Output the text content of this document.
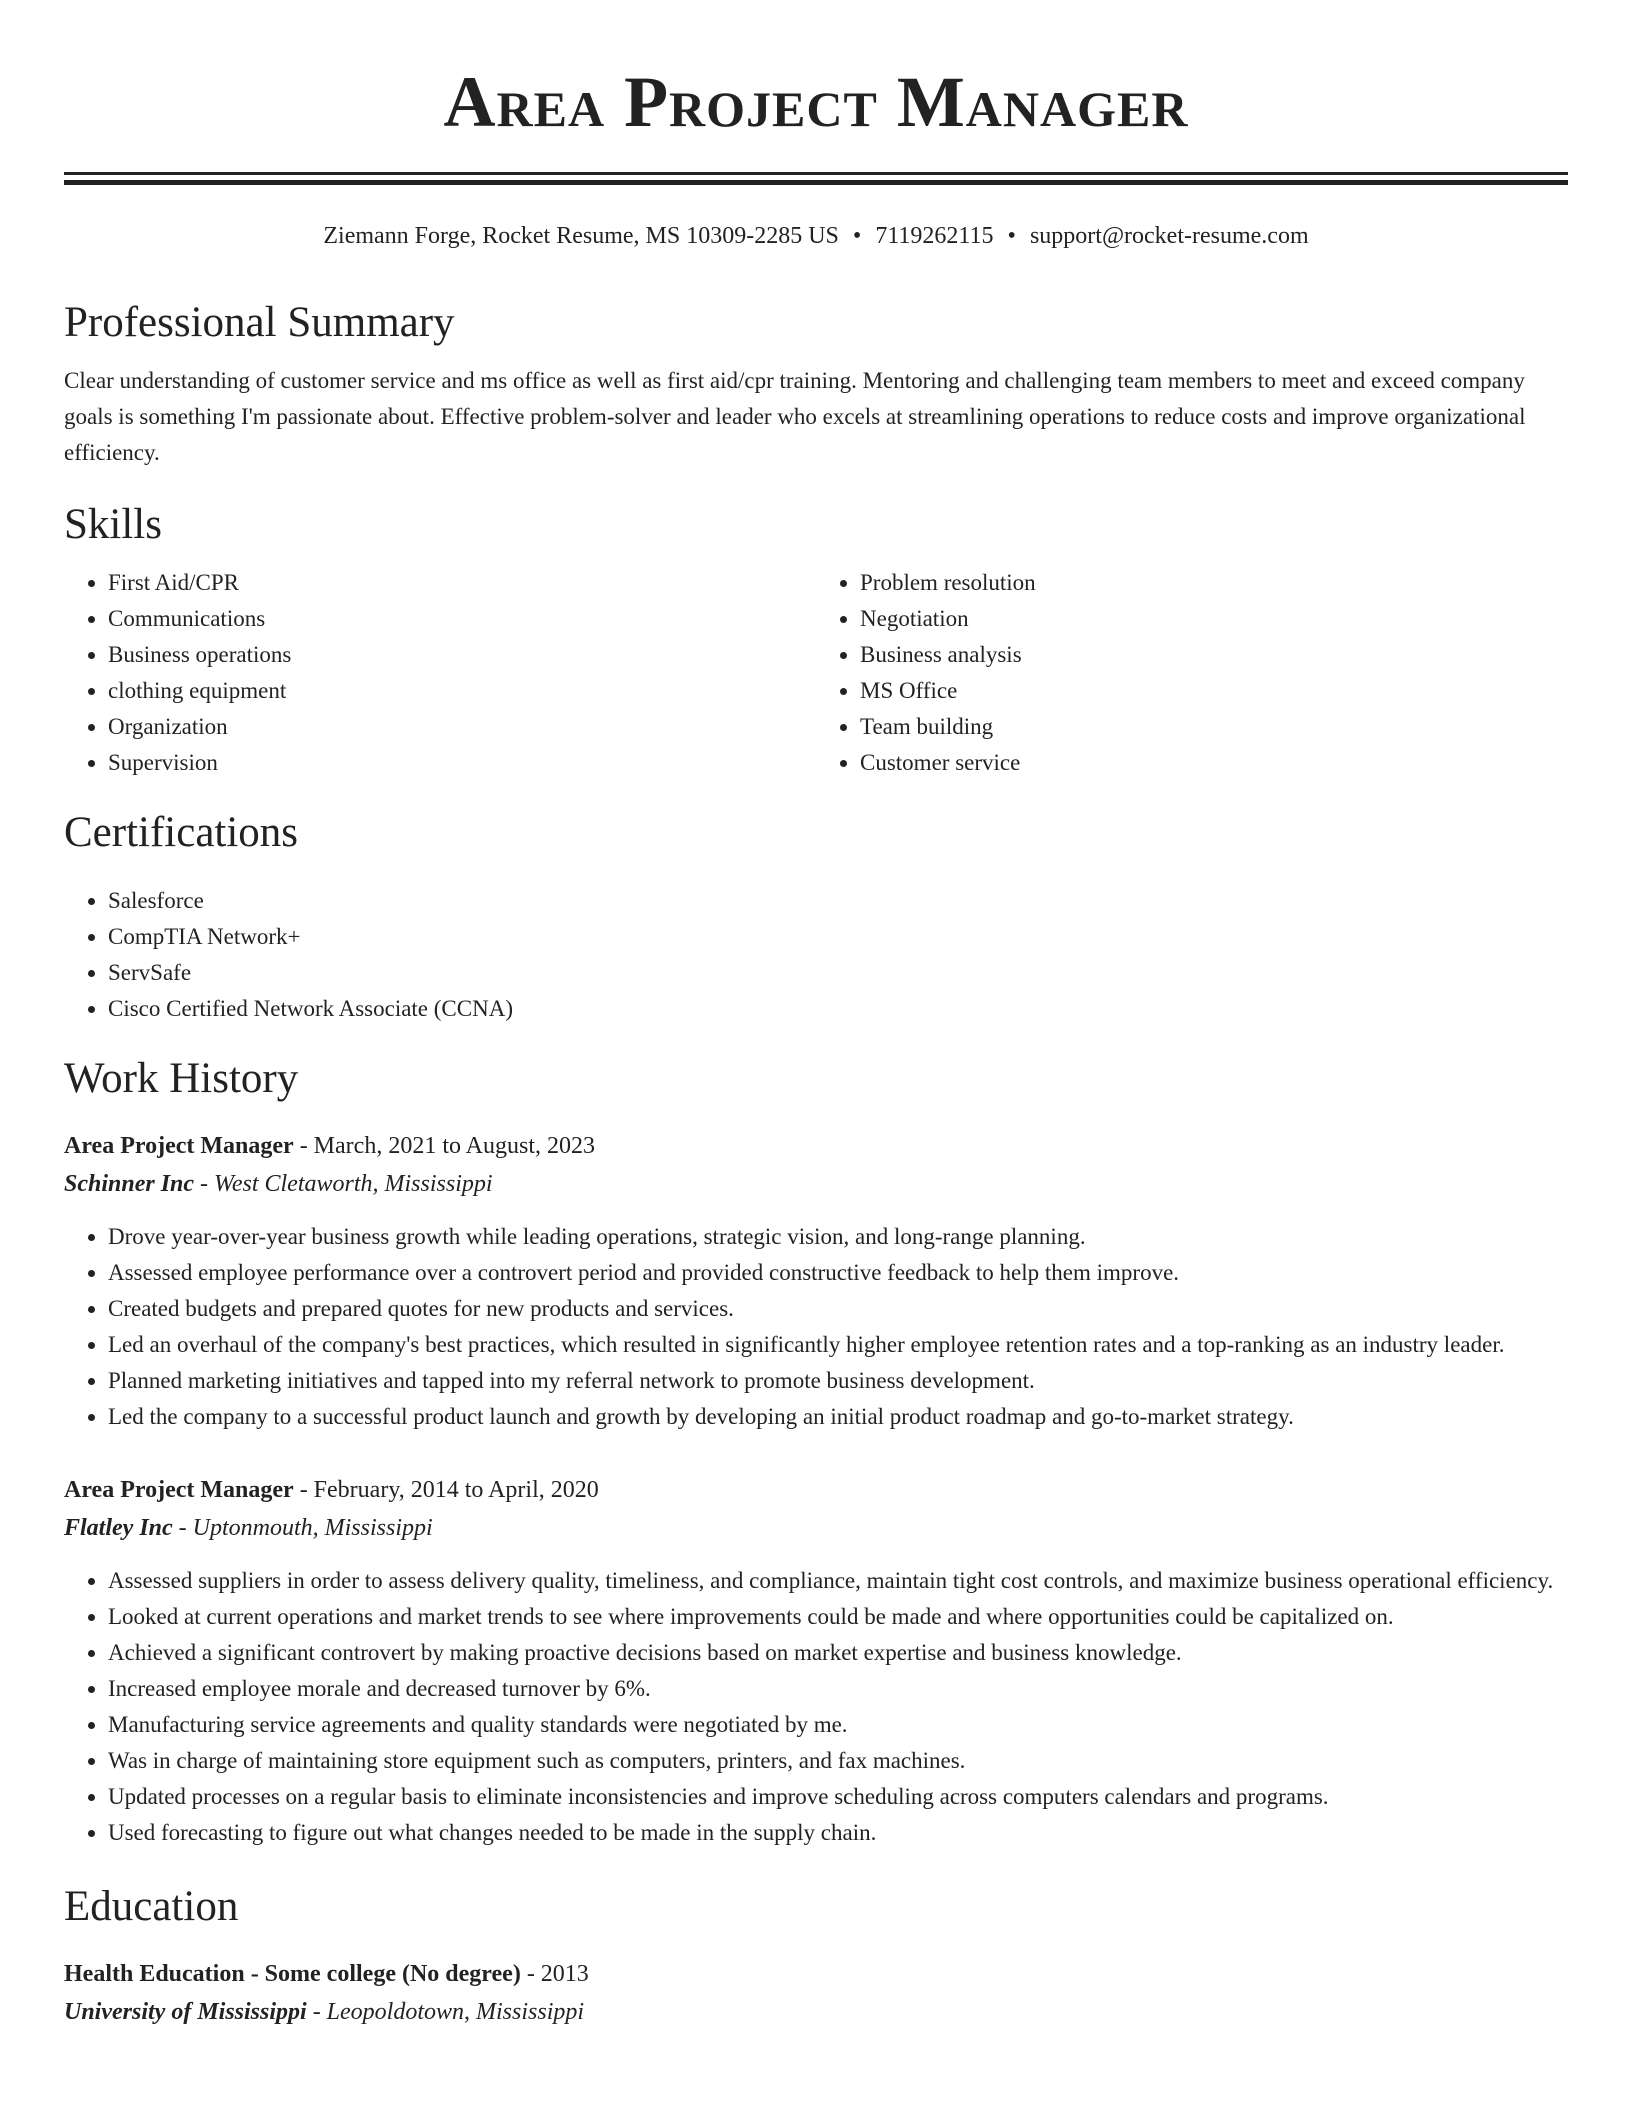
Area Project Manager
Ziemann Forge, Rocket Resume, MS 10309-2285 US • 7119262115 • support@rocket-resume.com
Professional Summary
Clear understanding of customer service and ms office as well as first aid/cpr training. Mentoring and challenging team members to meet and exceed company goals is something I'm passionate about. Effective problem-solver and leader who excels at streamlining operations to reduce costs and improve organizational efficiency.
Skills
• First Aid/CPR
• Communications
• Business operations
• clothing equipment
• Organization
• Supervision
• Problem resolution
• Negotiation
• Business analysis
• MS Office
• Team building
• Customer service
Certifications
• Salesforce
• CompTIA Network+
• ServSafe
• Cisco Certified Network Associate (CCNA)
Work History
Area Project Manager - March, 2021 to August, 2023
Schinner Inc - West Cletaworth, Mississippi
• Drove year-over-year business growth while leading operations, strategic vision, and long-range planning.
• Assessed employee performance over a controvert period and provided constructive feedback to help them improve.
• Created budgets and prepared quotes for new products and services.
• Led an overhaul of the company's best practices, which resulted in significantly higher employee retention rates and a top-ranking as an industry leader.
• Planned marketing initiatives and tapped into my referral network to promote business development.
• Led the company to a successful product launch and growth by developing an initial product roadmap and go-to-market strategy.
Area Project Manager - February, 2014 to April, 2020
Flatley Inc - Uptonmouth, Mississippi
• Assessed suppliers in order to assess delivery quality, timeliness, and compliance, maintain tight cost controls, and maximize business operational efficiency.
• Looked at current operations and market trends to see where improvements could be made and where opportunities could be capitalized on.
• Achieved a significant controvert by making proactive decisions based on market expertise and business knowledge.
• Increased employee morale and decreased turnover by 6%.
• Manufacturing service agreements and quality standards were negotiated by me.
• Was in charge of maintaining store equipment such as computers, printers, and fax machines.
• Updated processes on a regular basis to eliminate inconsistencies and improve scheduling across computers calendars and programs.
• Used forecasting to figure out what changes needed to be made in the supply chain.
Education
Health Education - Some college (No degree) - 2013
University of Mississippi - Leopoldotown, Mississippi
